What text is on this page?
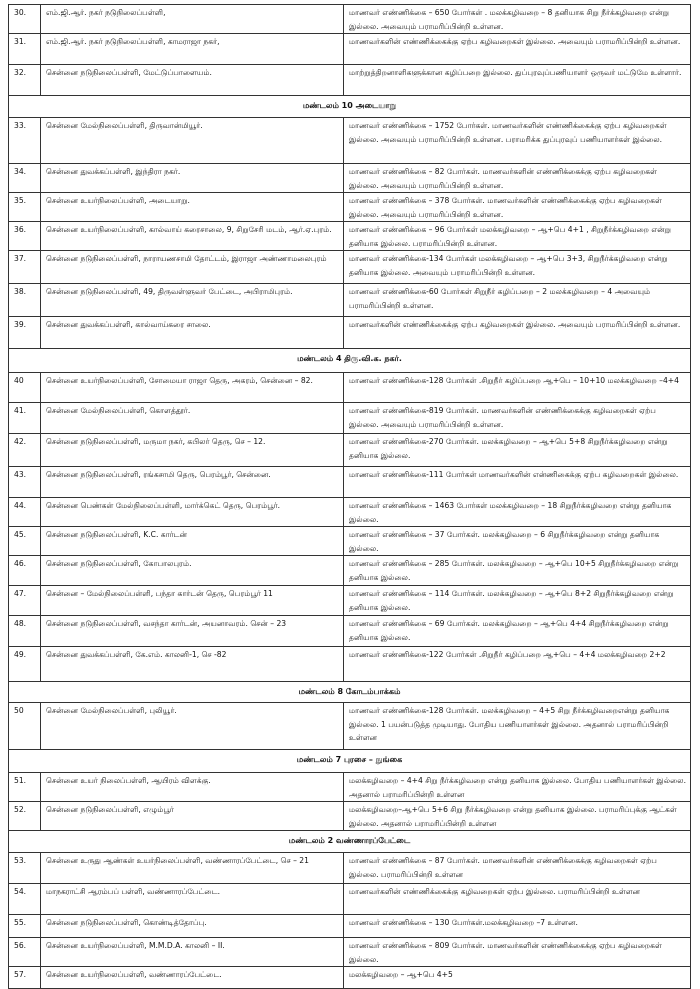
30.	எம்.ஜி.ஆர். நகர் நடுநிலைப்பள்ளி,	மாணவர் எண்ணிக்கை – 650 போர்கள் . மலக்கழிவறை – 8 தனியாக சிறு நீர்க்கழிவறை என்று இல்லை. அவையும் பராமரிப்பின்றி உள்ளன.
31.	எம்.ஜி.ஆர். நகர் நடுநிலைப்பள்ளி, காமராஜா நகர்,	மாணவர்களின் எண்ணிக்கைக்கு ஏற்ப கழிவறைகள் இல்லை. அவையும் பராமரிப்பின்றி உள்ளன.
32.	சென்னை நடுநிலைப்பள்ளி, மேட்டுப்பாளையம்.	மாற்றுத்திறனாளிகளுக்கான கழிப்பறை இல்லை. துப்புரவுப்பணியாளர் ஒருவர் மட்டுமே உள்ளார்.
மண்டலம் 10 அடையாறு		
33.	சென்னை மேல்நிலைப்பள்ளி, திருவான்மியூர்.	மாணவர் எண்ணிக்கை – 1752 போர்கள். மாணவர்களின் எண்ணிக்கைக்கு ஏற்ப கழிவறைகள் இல்லை. அவையும் பராமரிப்பின்றி உள்ளன. பராமரிக்க துப்புரவுப் பணியாளர்கள் இல்லை.
34.	சென்னை துவக்கப்பள்ளி, இந்திரா நகர்.	மாணவர் எண்ணிக்கை – 82 போர்கள். மாணவர்களின் எண்ணிக்கைக்கு ஏற்ப கழிவறைகள் இல்லை. அவையும் பராமரிப்பின்றி உள்ளன.
35.	சென்னை உயர்நிலைப்பள்ளி, அடையாறு.	மாணவர் எண்ணிக்கை – 378 போர்கள். மாணவர்களின் எண்ணிக்கைக்கு ஏற்ப கழிவறைகள் இல்லை. அவையும் பராமரிப்பின்றி உள்ளன.
36.	சென்னை உயர்நிலைப்பள்ளி, கால்வாய் கரைசாலை, 9, சிறுசேரி மடம், ஆர்.ஏ.புரம்.	மாணவர் எண்ணிக்கை – 96 போர்கள் மலக்கழிவறை – ஆ+பெ 4+1 , சிறுநீர்க்கழிவறை என்று தனியாக இல்லை. பராமரிப்பின்றி உள்ளன.
37.	சென்னை நடுநிலைப்பள்ளி, நாராயணசாமி தோட்டம், இராஜா அண்ணாமலைபுரம்	மாணவர் எண்ணிக்கை-134 போர்கள் மலக்கழிவறை – ஆ+பெ 3+3, சிறுநீர்க்கழிவறை என்று தனியாக இல்லை. அவையும் பராமரிப்பின்றி உள்ளன.
38.	சென்னை நடுநிலைப்பள்ளி, 49, திருவள்ளுவர் பேட்டை, அபிராமிபுரம்.	மாணவர் எண்ணிக்கை-60 போர்கள் சிறுநீர் கழிப்பறை – 2 மலக்கழிவறை – 4 அவையும் பராமரிப்பின்றி உள்ளன.
39.	சென்னை துவக்கப்பள்ளி, கால்வாய்கரை சாலை.	மாணவர்களின் எண்ணிக்கைக்கு ஏற்ப கழிவறைகள் இல்லை. அவையும் பராமரிப்பின்றி உள்ளன.
மண்டலம் 4 திரு.வி.க. நகர்.		
40	சென்னை உயர்நிலைப்பள்ளி, சோமையா ராஜா தெரு, அகரம், சென்னை – 82.	மாணவர் எண்ணிக்கை-128 போர்கள் .சிறுநீர் கழிப்பறை ஆ+பெ – 10+10 மலக்கழிவறை –4+4
41.	சென்னை மேல்நிலைப்பள்ளி, கொளத்தூர்.	மாணவர் எண்ணிக்கை-819 போர்கள். மாணவர்களின் எண்ணிக்கைக்கு கழிவறைகள் ஏற்ப இல்லை. அவையும் பராமரிப்பின்றி உள்ளன.
42.	சென்னை நடுநிலைப்பள்ளி, மருமா நகர், கபிலர் தெரு, செ – 12.	மாணவர் எண்ணிக்கை-270 போர்கள். மலக்கழிவறை – ஆ+பெ 5+8 சிறுநீர்க்கழிவறை என்று தனியாக இல்லை.
43.	சென்னை நடுநிலைப்பள்ளி, ரங்கசாமி தெரு, பெரம்பூர், சென்னை.	மாணவர் எண்ணிக்கை-111 போர்கள் மாணவர்களின் என்ணிகைக்கு ஏற்ப கழிவறைகள் இல்லை.
44.	சென்னை பெண்கள் மேல்நிலைப்பள்ளி, மார்க்கெட் தெரு, பெரம்பூர்.	மாணவர் எண்ணிக்கை – 1463 போர்கள் மலக்கழிவறை – 18 சிறுநீர்க்கழிவறை என்று தனியாக இல்லை.
45.	சென்னை நடுநிலைப்பள்ளி, K.C. கார்டன்	மாணவர் எண்ணிக்கை – 37 போர்கள். மலக்கழிவறை – 6 சிறுநீர்க்கழிவறை என்று தனியாக இல்லை.
46.	சென்னை நடுநிலைப்பள்ளி, கோபாலபுரம்.	மாணவர் எண்ணிக்கை – 285 போர்கள். மலக்கழிவறை – ஆ+பெ 10+5 சிறுநீர்க்கழிவறை என்று தனியாக இல்லை.
47.	சென்னை – மேல்நிலைப்பள்ளி, பந்தா கார்டன் தெரு, பெரம்பூர் 11	மாணவர் எண்ணிக்கை – 114 போர்கள். மலக்கழிவறை – ஆ+பெ 8+2 சிறுநீர்க்கழிவறை என்று தனியாக இல்லை.
48.	சென்னை நடுநிலைப்பள்ளி, வசந்தா கார்டன், அயனாவரம். சென் – 23	மாணவர் எண்ணிக்கை – 69 போர்கள். மலக்கழிவறை – ஆ+பெ 4+4 சிறுநீர்க்கழிவறை என்று தனியாக இல்லை.
49.	சென்னை துவக்கப்பள்ளி, கே.எம். காலனி-1, செ -82	மாணவர் எண்ணிக்கை-122 போர்கள் .சிறுநீர் கழிப்பறை ஆ+பெ – 4+4 மலக்கழிவறை 2+2
மண்டலம் 8 கோடம்பாக்கம்		
50	சென்னை மேல்நிலைப்பள்ளி, புலியூர்.	மாணவர் எண்ணிக்கை-128 போர்கள். மலக்கழிவறை – 4+5 சிறு நீர்க்கழிவறைஎன்று தனியாக இல்லை. 1 பயன்படுத்த முடியாது. போதிய பணியாளர்கள் இல்லை. அதனால் பராமரிப்பின்றி உள்ளன
மண்டலம் 7 புரசை – நுங்கை		
51.	சென்னை உயர் நிலைப்பள்ளி, ஆயிரம் விளக்கு.	மலக்கழிவறை – 4+4 சிறு நீர்க்கழிவறை என்று தனியாக இல்லை. போதிய பணியாளர்கள் இல்லை. அதனால் பராமரிப்பின்றி உள்ளன
52.	சென்னை நடுநிலைப்பள்ளி, எழும்பூர்	மலக்கழிவறை–ஆ+பெ 5+6 சிறு நீர்க்கழிவறை என்று தனியாக இல்லை. பராமரிப்புக்கு ஆட்கள் இல்லை. அதனால் பராமரிப்பின்றி உள்ளன
மண்டலம் 2 வண்ணாரப்பேட்டை		
53.	சென்னை உருது ஆண்கள் உயர்நிலைப்பள்ளி, வண்ணாரப்பேட்டை, செ – 21	மாணவர் எண்ணிக்கை – 87 போர்கள். மாணவர்களின் எண்ணிக்கைக்கு கழிவறைகள் ஏற்ப இல்லை. பராமரிப்பின்றி உள்ளன
54.	மாநகராட்சி ஆரம்பப் பள்ளி, வண்ணாரப்பேட்டை.	மாணவர்களின் எண்ணிக்கைக்கு கழிவறைகள் ஏற்ப இல்லை. பராமரிப்பின்றி உள்ளன
55.	சென்னை நடுநிலைப்பள்ளி, கொண்டித்தோப்பு.	மாணவர் எண்ணிக்கை – 130 போர்கள்.மலக்கழிவறை –7 உள்ளன.
56.	சென்னை உயர்நிலைப்பள்ளி, M.M.D.A. காலனி – II.	மாணவர் எண்ணிக்கை – 809 போர்கள். மாணவர்களின் எண்ணிக்கைக்கு ஏற்ப கழிவறைகள் இல்லை.
57.	சென்னை உயர்நிலைப்பள்ளி, வண்ணாரப்பேட்டை.	மலக்கழிவறை – ஆ+பெ 4+5
